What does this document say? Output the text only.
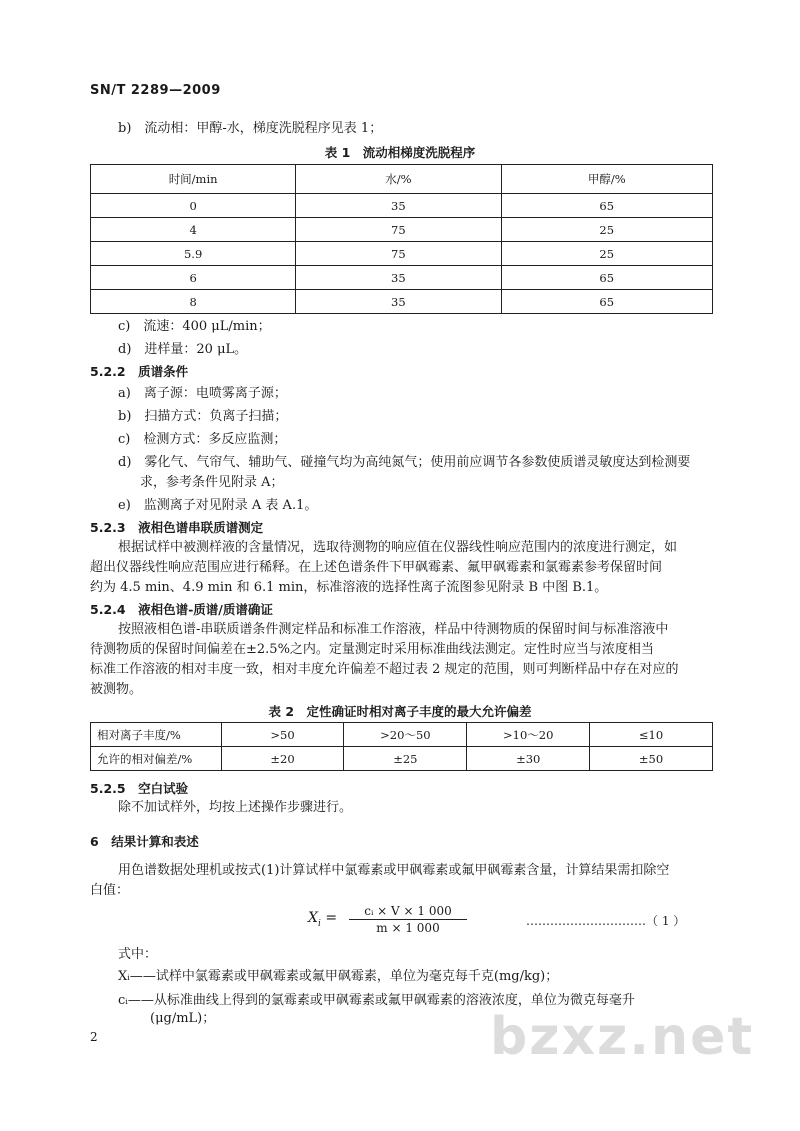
SN/T 2289—2009
b)　流动相：甲醇-水，梯度洗脱程序见表 1；
表 1　流动相梯度洗脱程序
时间/min	水/%	甲醇/%
0	35	65
4	75	25
5.9	75	25
6	35	65
8	35	65
c)　流速：400 μL/min；
d)　进样量：20 μL。
5.2.2　质谱条件
a)　离子源：电喷雾离子源；
b)　扫描方式：负离子扫描；
c)　检测方式：多反应监测；
d)　雾化气、气帘气、辅助气、碰撞气均为高纯氮气；使用前应调节各参数使质谱灵敏度达到检测要
求，参考条件见附录 A；
e)　监测离子对见附录 A 表 A.1。
5.2.3　液相色谱串联质谱测定
根据试样中被测样液的含量情况，选取待测物的响应值在仪器线性响应范围内的浓度进行测定，如
超出仪器线性响应范围应进行稀释。在上述色谱条件下甲砜霉素、氟甲砜霉素和氯霉素参考保留时间
约为 4.5 min、4.9 min 和 6.1 min，标准溶液的选择性离子流图参见附录 B 中图 B.1。
5.2.4　液相色谱-质谱/质谱确证
按照液相色谱-串联质谱条件测定样品和标准工作溶液，样品中待测物质的保留时间与标准溶液中
待测物质的保留时间偏差在±2.5%之内。定量测定时采用标准曲线法测定。定性时应当与浓度相当
标准工作溶液的相对丰度一致，相对丰度允许偏差不超过表 2 规定的范围，则可判断样品中存在对应的
被测物。
表 2　定性确证时相对离子丰度的最大允许偏差
相对离子丰度/%	>50	>20～50	>10～20	≤10
允许的相对偏差/%	±20	±25	±30	±50
5.2.5　空白试验
除不加试样外，均按上述操作步骤进行。
6　结果计算和表述
用色谱数据处理机或按式(1)计算试样中氯霉素或甲砜霉素或氟甲砜霉素含量，计算结果需扣除空
白值：
$X_i = \frac{\text{cᵢ × V × 1 000}}{m \times 1 000}$	…………………………（ 1 ）
式中：
Xᵢ——试样中氯霉素或甲砜霉素或氟甲砜霉素，单位为毫克每千克(mg/kg)；
cᵢ——从标准曲线上得到的氯霉素或甲砜霉素或氟甲砜霉素的溶液浓度，单位为微克每毫升
(μg/mL)；
2	bzxz.net
